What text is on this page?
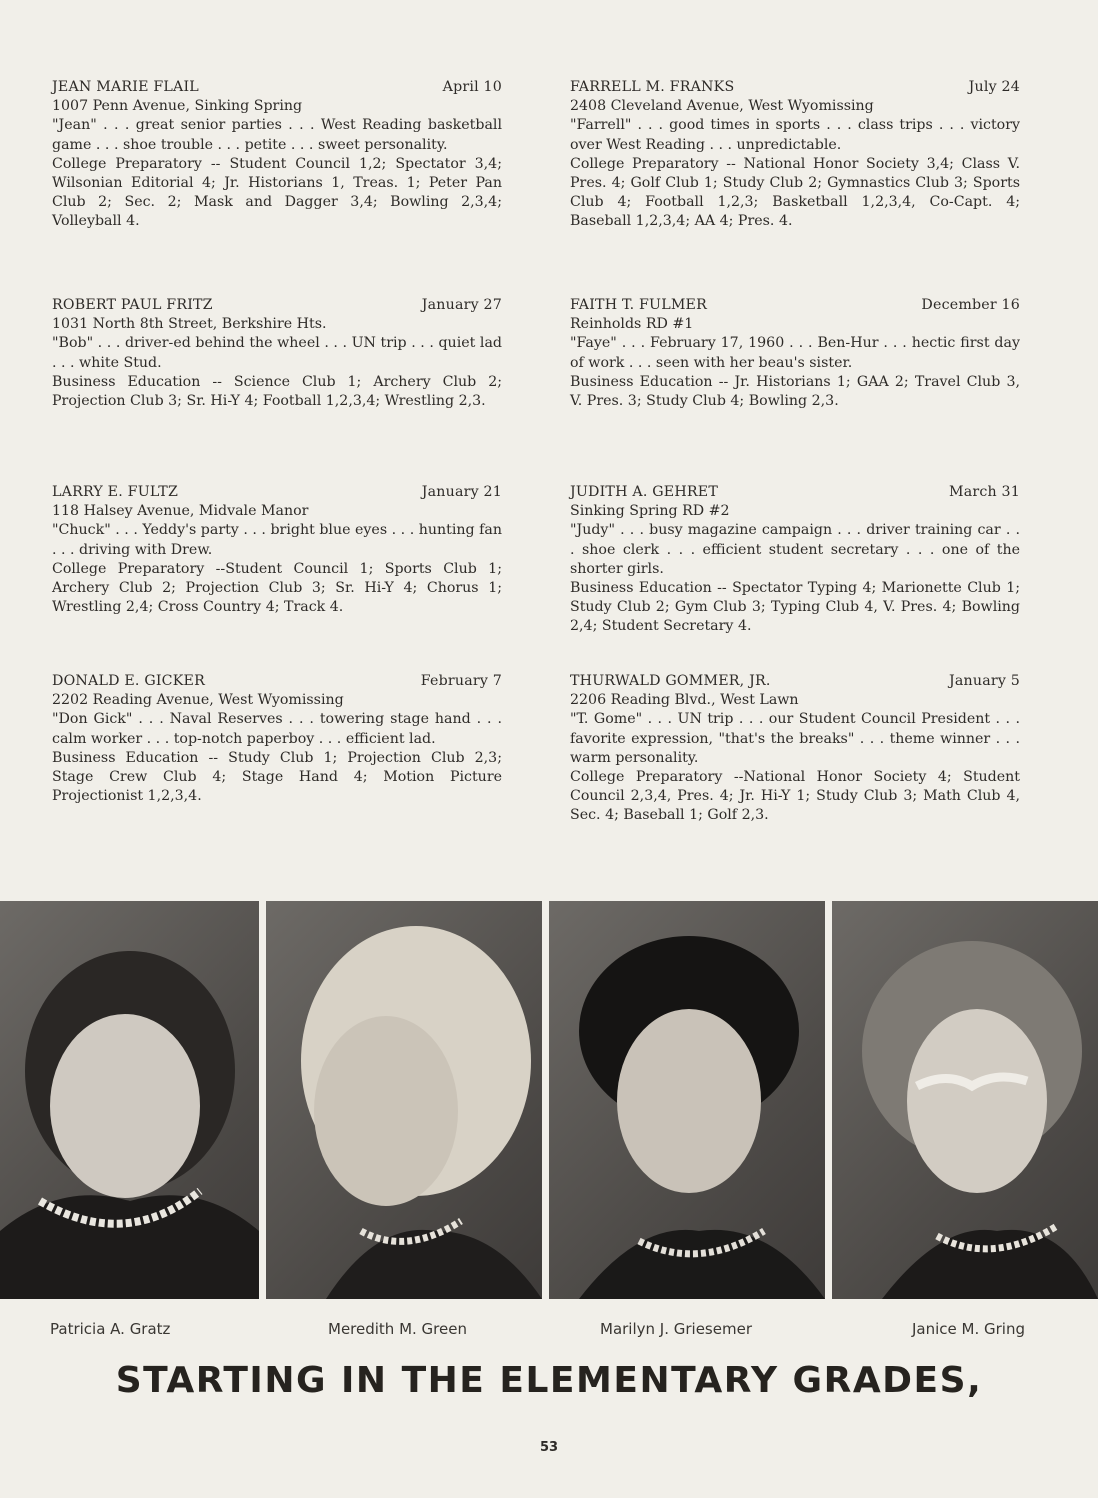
JEAN MARIE FLAIL	April 10
1007 Penn Avenue, Sinking Spring
"Jean" . . . great senior parties . . . West Reading basketball game . . . shoe trouble . . . petite . . . sweet personality.
College Preparatory -- Student Council 1,2; Spectator 3,4; Wilsonian Editorial 4; Jr. Historians 1, Treas. 1; Peter Pan Club 2; Sec. 2; Mask and Dagger 3,4; Bowling 2,3,4; Volleyball 4.
FARRELL M. FRANKS	July 24
2408 Cleveland Avenue, West Wyomissing
"Farrell" . . . good times in sports . . . class trips . . . victory over West Reading . . . unpredictable.
College Preparatory -- National Honor Society 3,4; Class V. Pres. 4; Golf Club 1; Study Club 2; Gymnastics Club 3; Sports Club 4; Football 1,2,3; Basketball 1,2,3,4, Co-Capt. 4; Baseball 1,2,3,4; AA 4; Pres. 4.
ROBERT PAUL FRITZ	January 27
1031 North 8th Street, Berkshire Hts.
"Bob" . . . driver-ed behind the wheel . . . UN trip . . . quiet lad . . . white Stud.
Business Education -- Science Club 1; Archery Club 2; Projection Club 3; Sr. Hi-Y 4; Football 1,2,3,4; Wrestling 2,3.
FAITH T. FULMER	December 16
Reinholds RD #1
"Faye" . . . February 17, 1960 . . . Ben-Hur . . . hectic first day of work . . . seen with her beau's sister.
Business Education -- Jr. Historians 1; GAA 2; Travel Club 3, V. Pres. 3; Study Club 4; Bowling 2,3.
LARRY E. FULTZ	January 21
118 Halsey Avenue, Midvale Manor
"Chuck" . . . Yeddy's party . . . bright blue eyes . . . hunting fan . . . driving with Drew.
College Preparatory --Student Council 1; Sports Club 1; Archery Club 2; Projection Club 3; Sr. Hi-Y 4; Chorus 1; Wrestling 2,4; Cross Country 4; Track 4.
JUDITH A. GEHRET	March 31
Sinking Spring RD #2
"Judy" . . . busy magazine campaign . . . driver training car . . . shoe clerk . . . efficient student secretary . . . one of the shorter girls.
Business Education -- Spectator Typing 4; Marionette Club 1; Study Club 2; Gym Club 3; Typing Club 4, V. Pres. 4; Bowling 2,4; Student Secretary 4.
DONALD E. GICKER	February 7
2202 Reading Avenue, West Wyomissing
"Don Gick" . . . Naval Reserves . . . towering stage hand . . . calm worker . . . top-notch paperboy . . . efficient lad.
Business Education -- Study Club 1; Projection Club 2,3; Stage Crew Club 4; Stage Hand 4; Motion Picture Projectionist 1,2,3,4.
THURWALD GOMMER, JR.	January 5
2206 Reading Blvd., West Lawn
"T. Gome" . . . UN trip . . . our Student Council President . . . favorite expression, "that's the breaks" . . . theme winner . . . warm personality.
College Preparatory --National Honor Society 4; Student Council 2,3,4, Pres. 4; Jr. Hi-Y 1; Study Club 3; Math Club 4, Sec. 4; Baseball 1; Golf 2,3.
Patricia A. Gratz	Meredith M. Green	Marilyn J. Griesemer	Janice M. Gring
STARTING IN THE ELEMENTARY GRADES,
53
